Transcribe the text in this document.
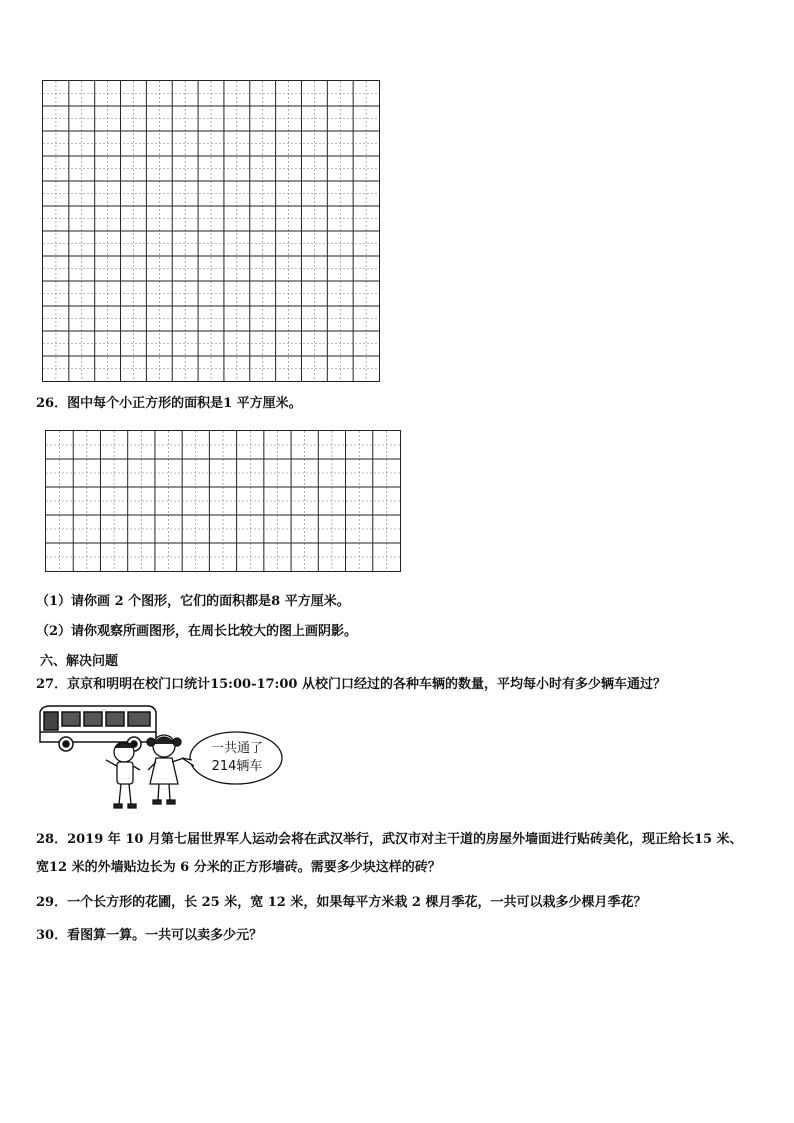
26．图中每个小正方形的面积是1 平方厘米。
（1）请你画 2 个图形，它们的面积都是8 平方厘米。
（2）请你观察所画图形，在周长比较大的图上画阴影。
六、解决问题
27．京京和明明在校门口统计15:00-17:00 从校门口经过的各种车辆的数量，平均每小时有多少辆车通过？
一共通了
214辆车
28．2019 年 10 月第七届世界军人运动会将在武汉举行，武汉市对主干道的房屋外墙面进行贴砖美化，现正给长15 米、
宽12 米的外墙贴边长为 6 分米的正方形墙砖。需要多少块这样的砖？
29．一个长方形的花圃，长 25 米，宽 12 米，如果每平方米栽 2 棵月季花，一共可以栽多少棵月季花？
30．看图算一算。一共可以卖多少元？
